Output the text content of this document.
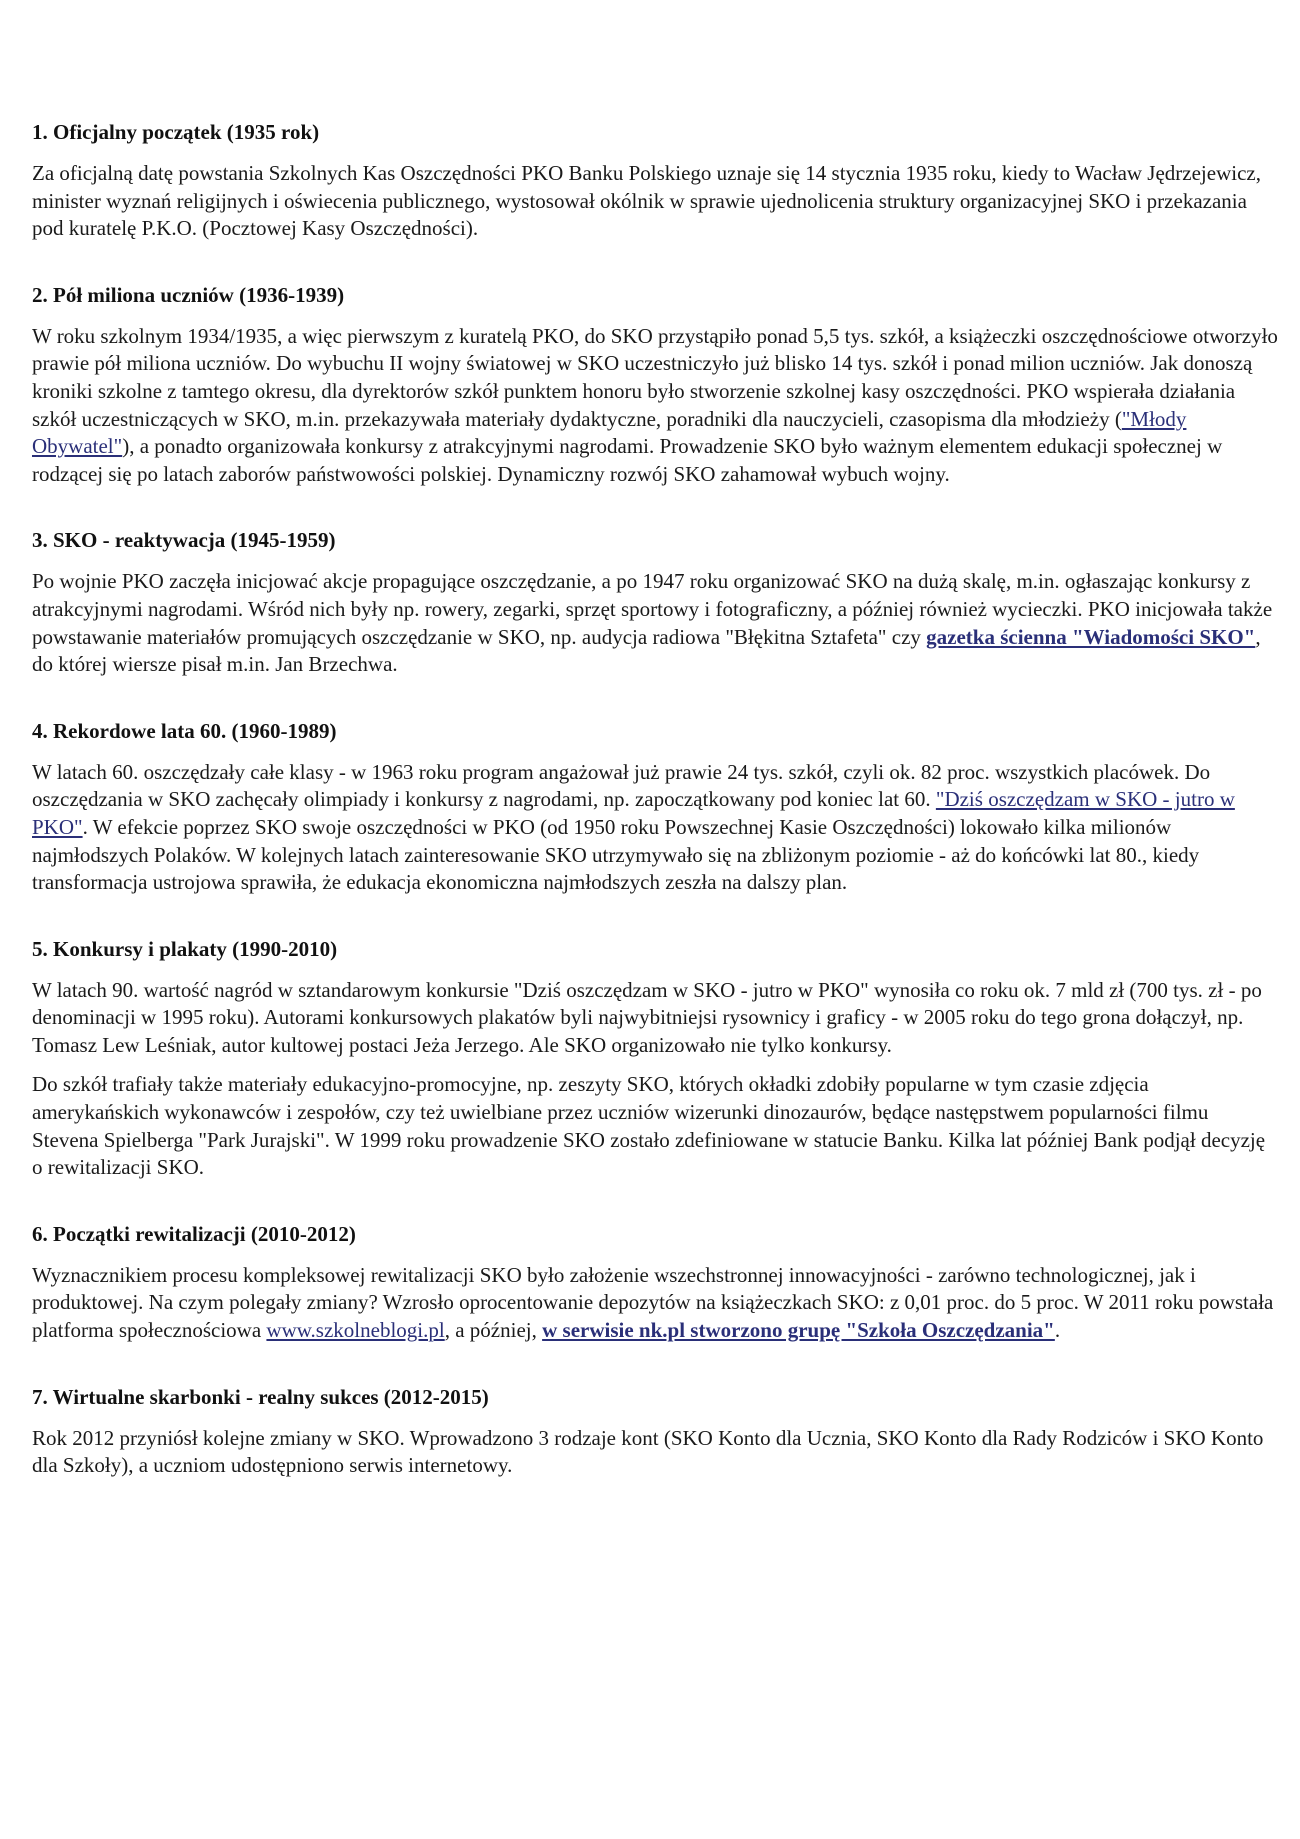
1. Oficjalny początek (1935 rok)

Za oficjalną datę powstania Szkolnych Kas Oszczędności PKO Banku Polskiego uznaje się 14 stycznia 1935 roku, kiedy to Wacław Jędrzejewicz, minister wyznań religijnych i oświecenia publicznego, wystosował okólnik w sprawie ujednolicenia struktury organizacyjnej SKO i przekazania pod kuratelę P.K.O. (Pocztowej Kasy Oszczędności).

2. Pół miliona uczniów (1936-1939)

W roku szkolnym 1934/1935, a więc pierwszym z kuratelą PKO, do SKO przystąpiło ponad 5,5 tys. szkół, a książeczki oszczędnościowe otworzyło prawie pół miliona uczniów. Do wybuchu II wojny światowej w SKO uczestniczyło już blisko 14 tys. szkół i ponad milion uczniów. Jak donoszą kroniki szkolne z tamtego okresu, dla dyrektorów szkół punktem honoru było stworzenie szkolnej kasy oszczędności. PKO wspierała działania szkół uczestniczących w SKO, m.in. przekazywała materiały dydaktyczne, poradniki dla nauczycieli, czasopisma dla młodzieży ("Młody Obywatel"), a ponadto organizowała konkursy z atrakcyjnymi nagrodami. Prowadzenie SKO było ważnym elementem edukacji społecznej w rodzącej się po latach zaborów państwowości polskiej. Dynamiczny rozwój SKO zahamował wybuch wojny.

3. SKO - reaktywacja (1945-1959)

Po wojnie PKO zaczęła inicjować akcje propagujące oszczędzanie, a po 1947 roku organizować SKO na dużą skalę, m.in. ogłaszając konkursy z atrakcyjnymi nagrodami. Wśród nich były np. rowery, zegarki, sprzęt sportowy i fotograficzny, a później również wycieczki. PKO inicjowała także powstawanie materiałów promujących oszczędzanie w SKO, np. audycja radiowa "Błękitna Sztafeta" czy gazetka ścienna "Wiadomości SKO", do której wiersze pisał m.in. Jan Brzechwa.

4. Rekordowe lata 60. (1960-1989)

W latach 60. oszczędzały całe klasy - w 1963 roku program angażował już prawie 24 tys. szkół, czyli ok. 82 proc. wszystkich placówek. Do oszczędzania w SKO zachęcały olimpiady i konkursy z nagrodami, np. zapoczątkowany pod koniec lat 60. "Dziś oszczędzam w SKO - jutro w PKO". W efekcie poprzez SKO swoje oszczędności w PKO (od 1950 roku Powszechnej Kasie Oszczędności) lokowało kilka milionów najmłodszych Polaków. W kolejnych latach zainteresowanie SKO utrzymywało się na zbliżonym poziomie - aż do końcówki lat 80., kiedy transformacja ustrojowa sprawiła, że edukacja ekonomiczna najmłodszych zeszła na dalszy plan.

5. Konkursy i plakaty (1990-2010)

W latach 90. wartość nagród w sztandarowym konkursie "Dziś oszczędzam w SKO - jutro w PKO" wynosiła co roku ok. 7 mld zł (700 tys. zł - po denominacji w 1995 roku). Autorami konkursowych plakatów byli najwybitniejsi rysownicy i graficy - w 2005 roku do tego grona dołączył, np. Tomasz Lew Leśniak, autor kultowej postaci Jeża Jerzego. Ale SKO organizowało nie tylko konkursy.

Do szkół trafiały także materiały edukacyjno-promocyjne, np. zeszyty SKO, których okładki zdobiły popularne w tym czasie zdjęcia amerykańskich wykonawców i zespołów, czy też uwielbiane przez uczniów wizerunki dinozaurów, będące następstwem popularności filmu Stevena Spielberga "Park Jurajski". W 1999 roku prowadzenie SKO zostało zdefiniowane w statucie Banku. Kilka lat później Bank podjął decyzję o rewitalizacji SKO.

6. Początki rewitalizacji (2010-2012)

Wyznacznikiem procesu kompleksowej rewitalizacji SKO było założenie wszechstronnej innowacyjności - zarówno technologicznej, jak i produktowej. Na czym polegały zmiany? Wzrosło oprocentowanie depozytów na książeczkach SKO: z 0,01 proc. do 5 proc. W 2011 roku powstała platforma społecznościowa www.szkolneblogi.pl, a później, w serwisie nk.pl stworzono grupę "Szkoła Oszczędzania".

7. Wirtualne skarbonki - realny sukces (2012-2015)

Rok 2012 przyniósł kolejne zmiany w SKO. Wprowadzono 3 rodzaje kont (SKO Konto dla Ucznia, SKO Konto dla Rady Rodziców i SKO Konto dla Szkoły), a uczniom udostępniono serwis internetowy.
